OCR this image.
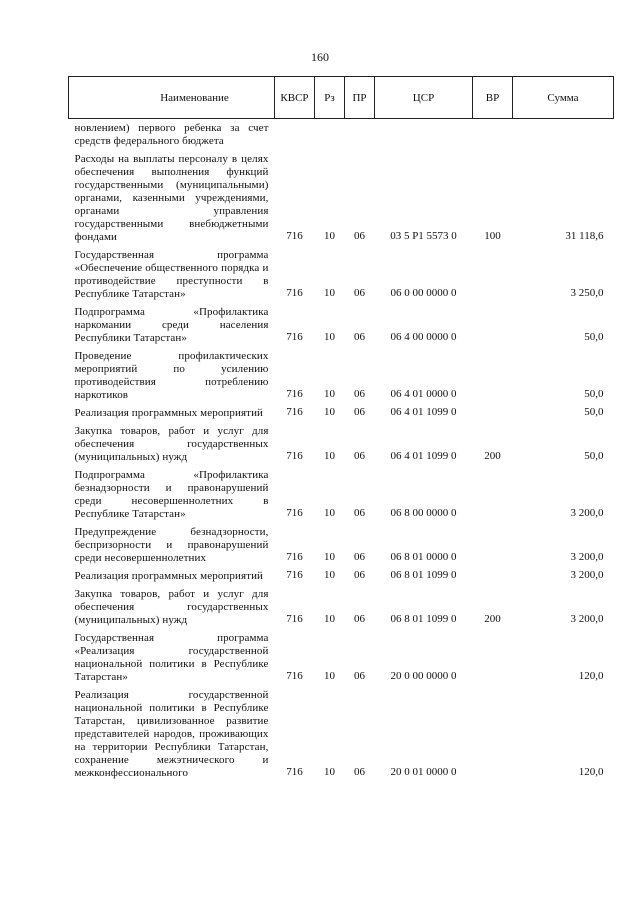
160
Наименование	КВСР	Рз	ПР	ЦСР	ВР	Сумма
новлением) первого ребенка за счет средств федерального бюджета						
Расходы на выплаты персоналу в целях обеспечения выполнения функций государственными (муниципальными) органами, казенными учреждениями, органами управления государственными внебюджетными фондами	716	10	06	03 5 Р1 5573 0	100	31 118,6
Государственная программа «Обеспечение общественного порядка и противодействие преступности в Республике Татарстан»	716	10	06	06 0 00 0000 0		3 250,0
Подпрограмма «Профилактика наркомании среди населения Республики Татарстан»	716	10	06	06 4 00 0000 0		50,0
Проведение профилактических мероприятий по усилению противодействия потреблению наркотиков	716	10	06	06 4 01 0000 0		50,0
Реализация программных мероприятий	716	10	06	06 4 01 1099 0		50,0
Закупка товаров, работ и услуг для обеспечения государственных (муниципальных) нужд	716	10	06	06 4 01 1099 0	200	50,0
Подпрограмма «Профилактика безнадзорности и правонарушений среди несовершеннолетних в Республике Татарстан»	716	10	06	06 8 00 0000 0		3 200,0
Предупреждение безнадзорности, беспризорности и правонарушений среди несовершеннолетних	716	10	06	06 8 01 0000 0		3 200,0
Реализация программных мероприятий	716	10	06	06 8 01 1099 0		3 200,0
Закупка товаров, работ и услуг для обеспечения государственных (муниципальных) нужд	716	10	06	06 8 01 1099 0	200	3 200,0
Государственная программа «Реализация государственной национальной политики в Республике Татарстан»	716	10	06	20 0 00 0000 0		120,0
Реализация государственной национальной политики в Республике Татарстан, цивилизованное развитие представителей народов, проживающих на территории Республики Татарстан, сохранение межэтнического и межконфессионального	716	10	06	20 0 01 0000 0		120,0
